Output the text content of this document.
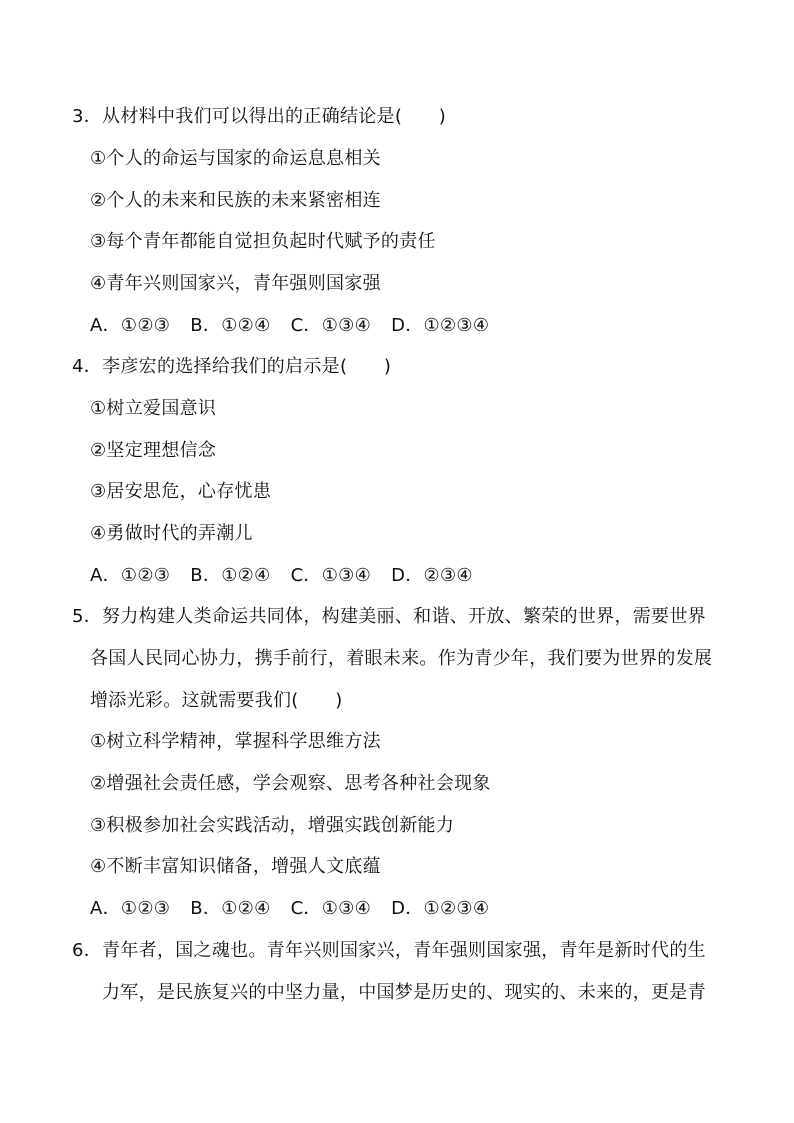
3．从材料中我们可以得出的正确结论是(　　)
①个人的命运与国家的命运息息相关
②个人的未来和民族的未来紧密相连
③每个青年都能自觉担负起时代赋予的责任
④青年兴则国家兴，青年强则国家强
A．①②③ B．①②④ C．①③④ D．①②③④
4．李彦宏的选择给我们的启示是(　　)
①树立爱国意识
②坚定理想信念
③居安思危，心存忧患
④勇做时代的弄潮儿
A．①②③ B．①②④ C．①③④ D．②③④
5．努力构建人类命运共同体，构建美丽、和谐、开放、繁荣的世界，需要世界
各国人民同心协力，携手前行，着眼未来。作为青少年，我们要为世界的发展
增添光彩。这就需要我们(　　)
①树立科学精神，掌握科学思维方法
②增强社会责任感，学会观察、思考各种社会现象
③积极参加社会实践活动，增强实践创新能力
④不断丰富知识储备，增强人文底蕴
A．①②③ B．①②④ C．①③④ D．①②③④
6．青年者，国之魂也。青年兴则国家兴，青年强则国家强，青年是新时代的生
力军，是民族复兴的中坚力量，中国梦是历史的、现实的、未来的，更是青
